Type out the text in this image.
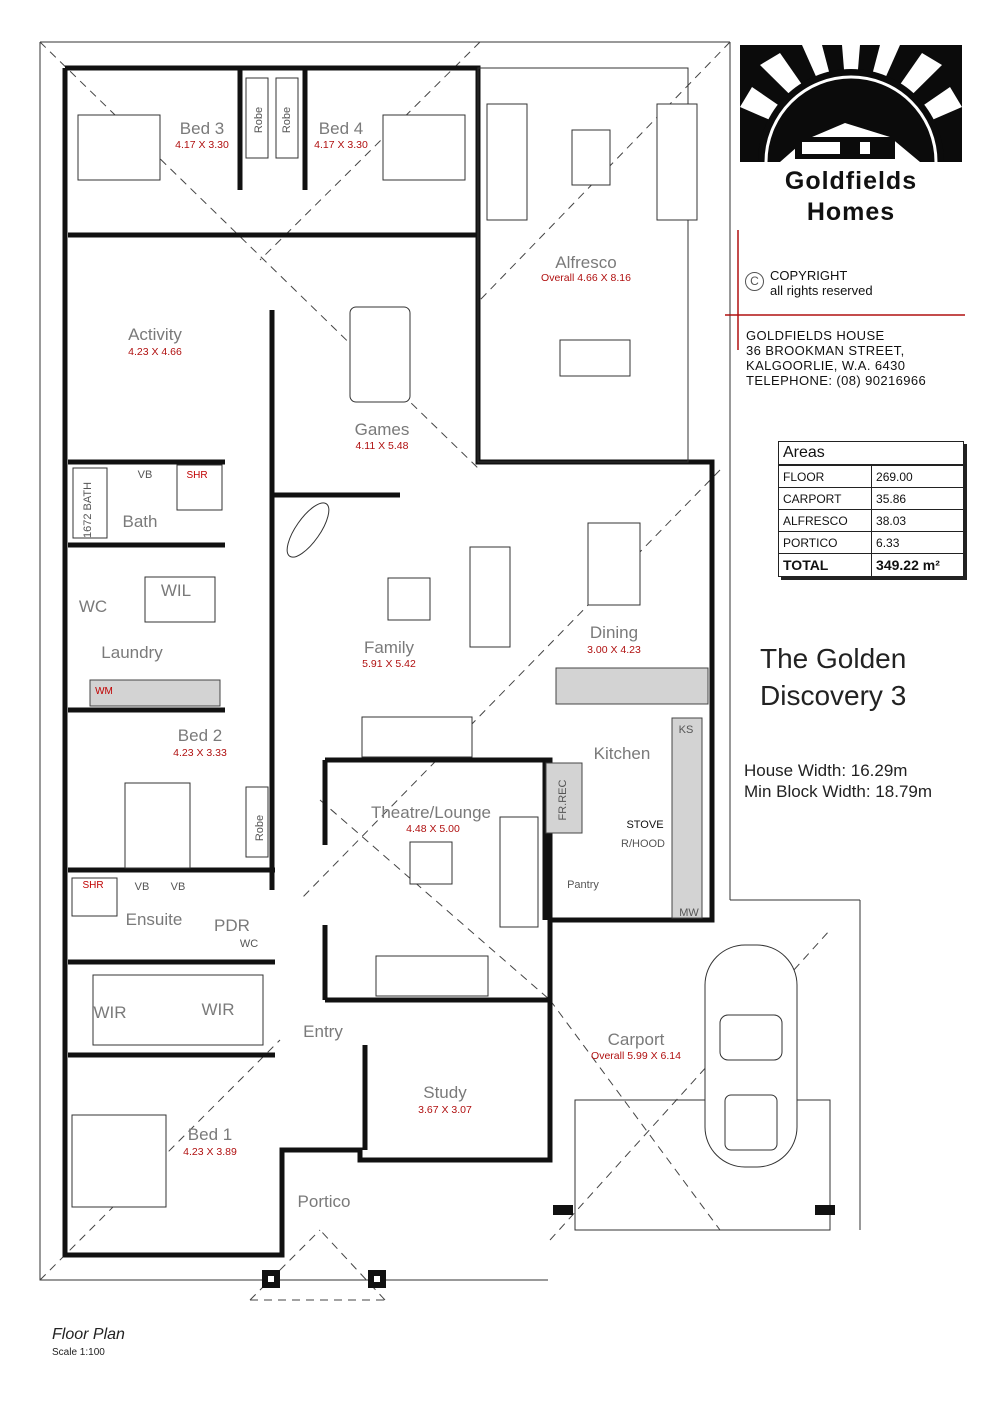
Bed 3
4.17 X 3.30
Bed 4
4.17 X 3.30
Robe Robe
Alfresco
Overall 4.66 X 8.16
Activity
4.23 X 4.66
Games
4.11 X 5.48
Bath
1672 BATH
SHR
VB
WC
WIL
Laundry
WM
Family
5.91 X 5.42
Dining
3.00 X 4.23
Kitchen
KS
STOVE
R/HOOD
FR.REC
Pantry
MW
Bed 2
4.23 X 3.33
Robe
Theatre/Lounge
4.48 X 5.00
Ensuite
SHR	VB VB
PDR
WC
WIR	WIR
Entry
Study
3.67 X 3.07
Carport
Overall 5.99 X 6.14
Bed 1
4.23 X 3.89
Portico
Goldfields
Homes
C COPYRIGHT
all rights reserved
GOLDFIELDS HOUSE
36 BROOKMAN STREET,
KALGOORLIE, W.A. 6430
TELEPHONE: (08) 90216966
Areas
FLOOR	269.00
CARPORT	35.86
ALFRESCO	38.03
PORTICO	6.33
TOTAL	349.22 m²
The Golden
Discovery 3
House Width: 16.29m
Min Block Width: 18.79m
Floor Plan
Scale 1:100
